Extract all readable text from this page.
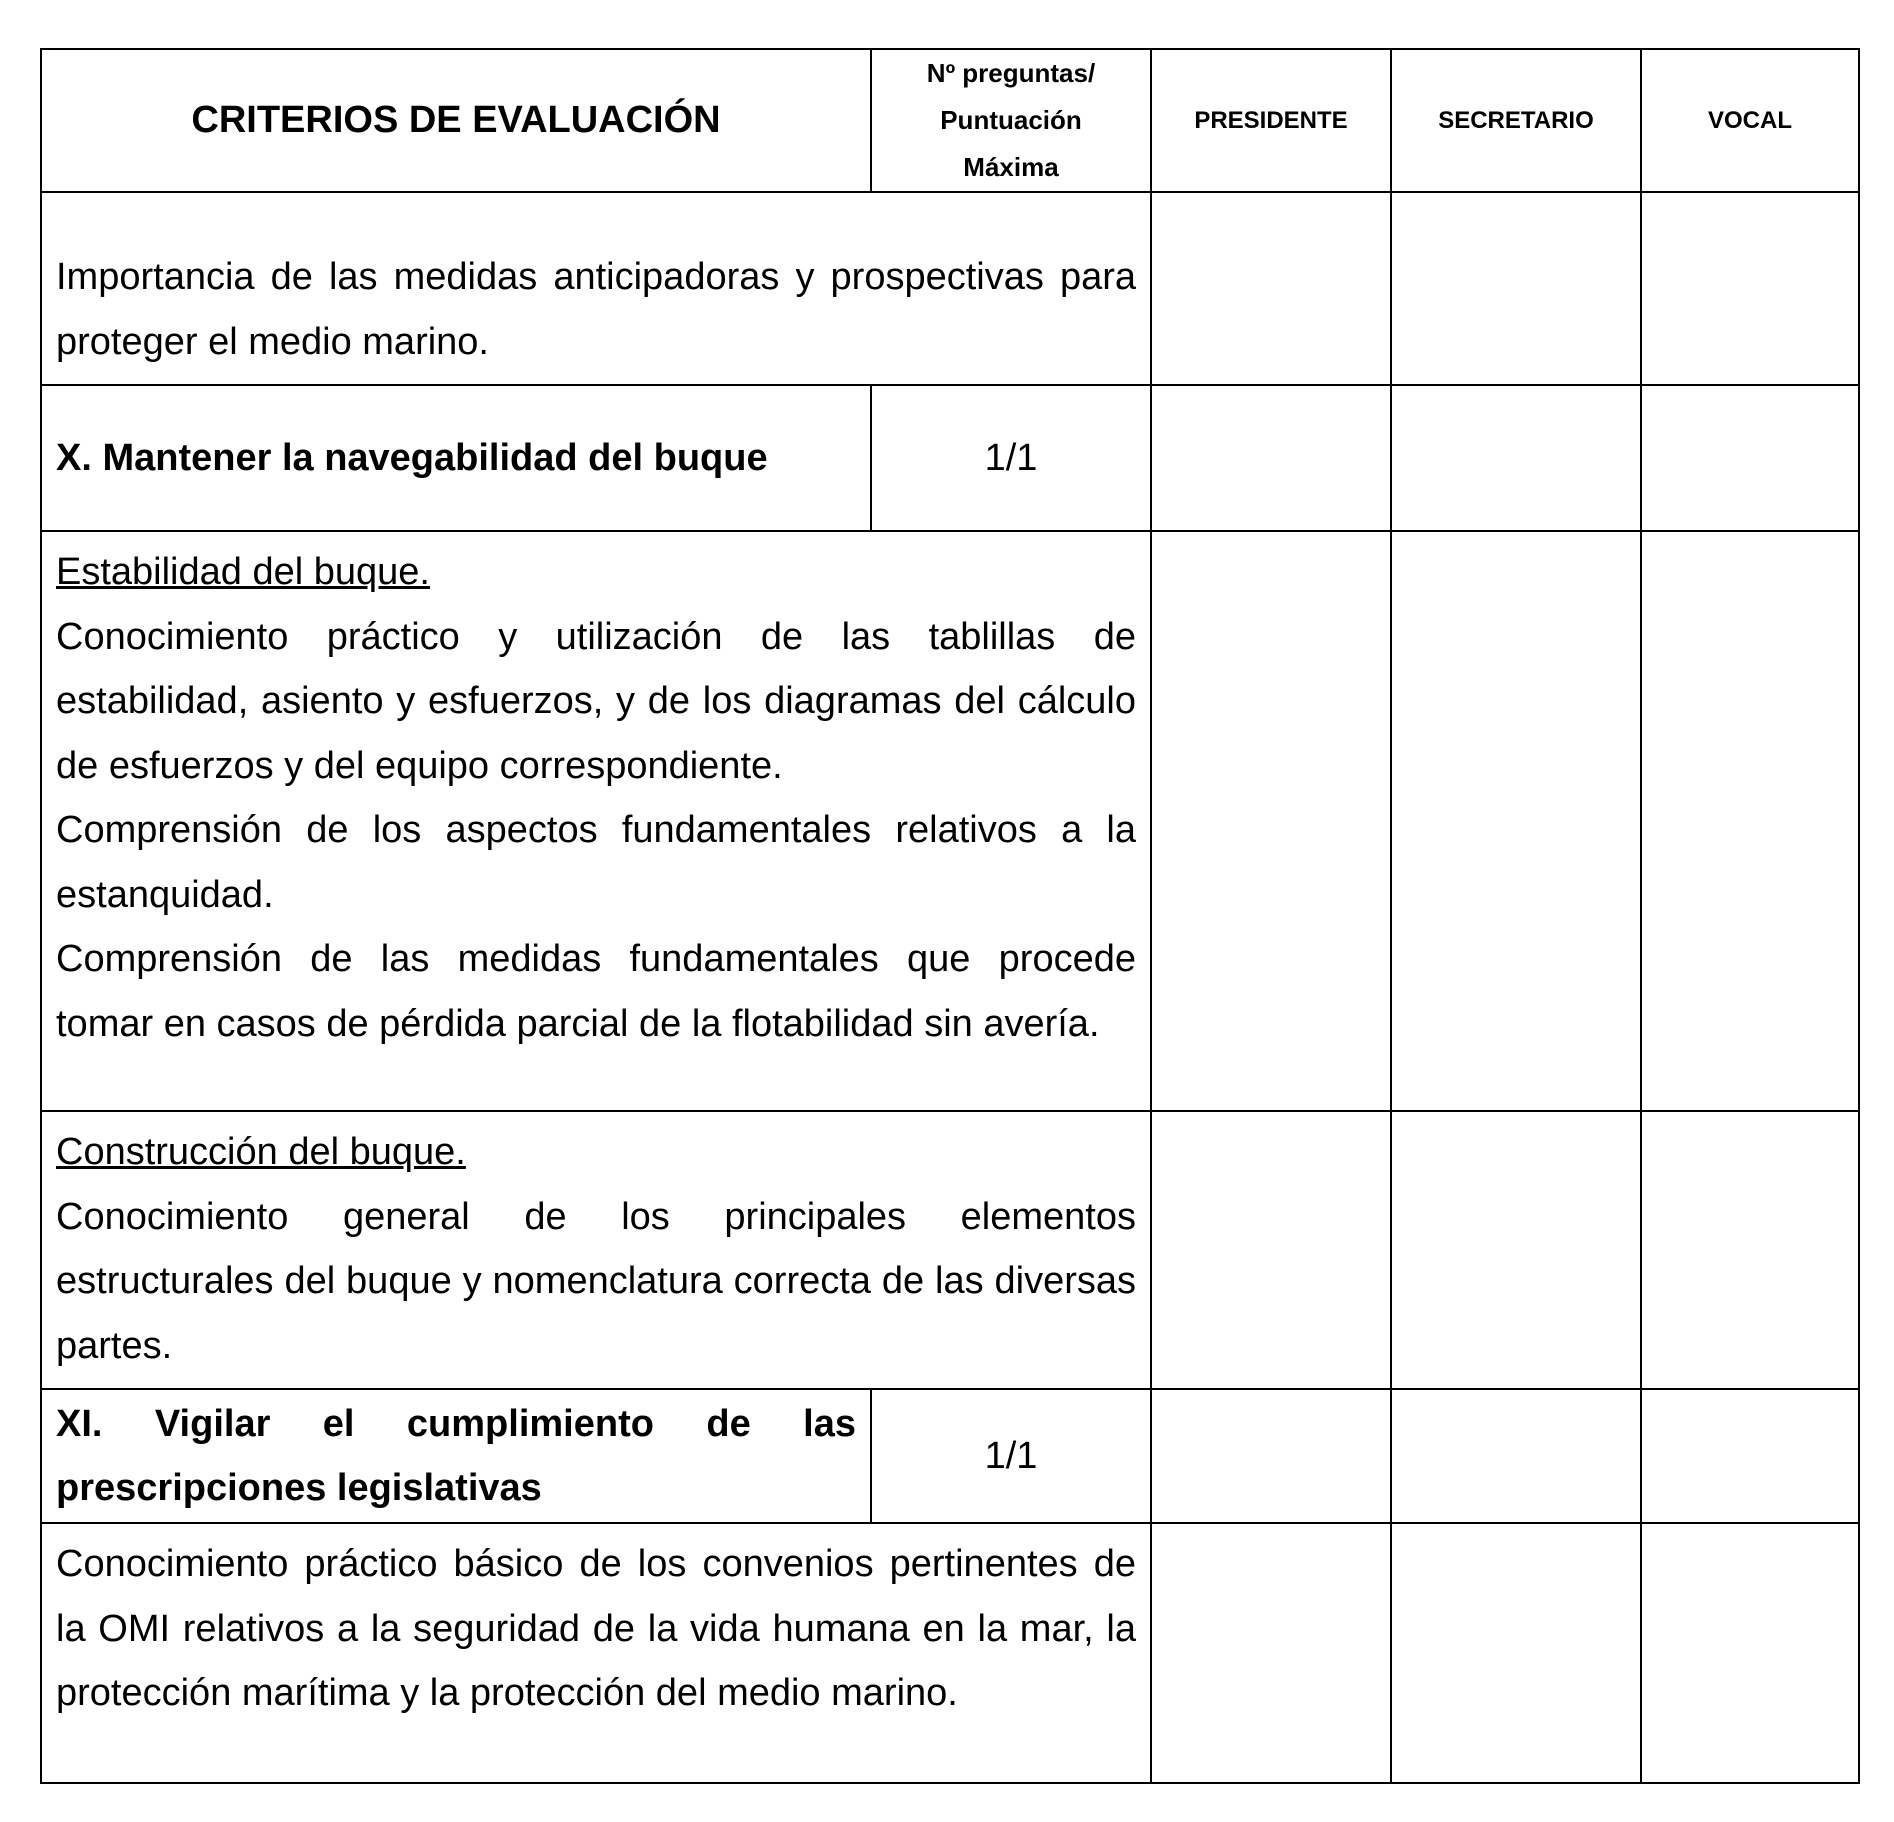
CRITERIOS DE EVALUACIÓN	Nº preguntas/
Puntuación
Máxima	PRESIDENTE	SECRETARIO	VOCAL

Importancia de las medidas anticipadoras y prospectivas para proteger el medio marino.				

X. Mantener la navegabilidad del buque	1/1			

Estabilidad del buque.
Conocimiento práctico y utilización de las tablillas de estabilidad, asiento y esfuerzos, y de los diagramas del cálculo de esfuerzos y del equipo correspondiente.
Comprensión de los aspectos fundamentales relativos a la estanquidad.
Comprensión de las medidas fundamentales que procede tomar en casos de pérdida parcial de la flotabilidad sin avería.				

Construcción del buque.
Conocimiento general de los principales elementos estructurales del buque y nomenclatura correcta de las diversas partes.				

XI. Vigilar el cumplimiento de las prescripciones legislativas	1/1			

Conocimiento práctico básico de los convenios pertinentes de la OMI relativos a la seguridad de la vida humana en la mar, la protección marítima y la protección del medio marino.				
